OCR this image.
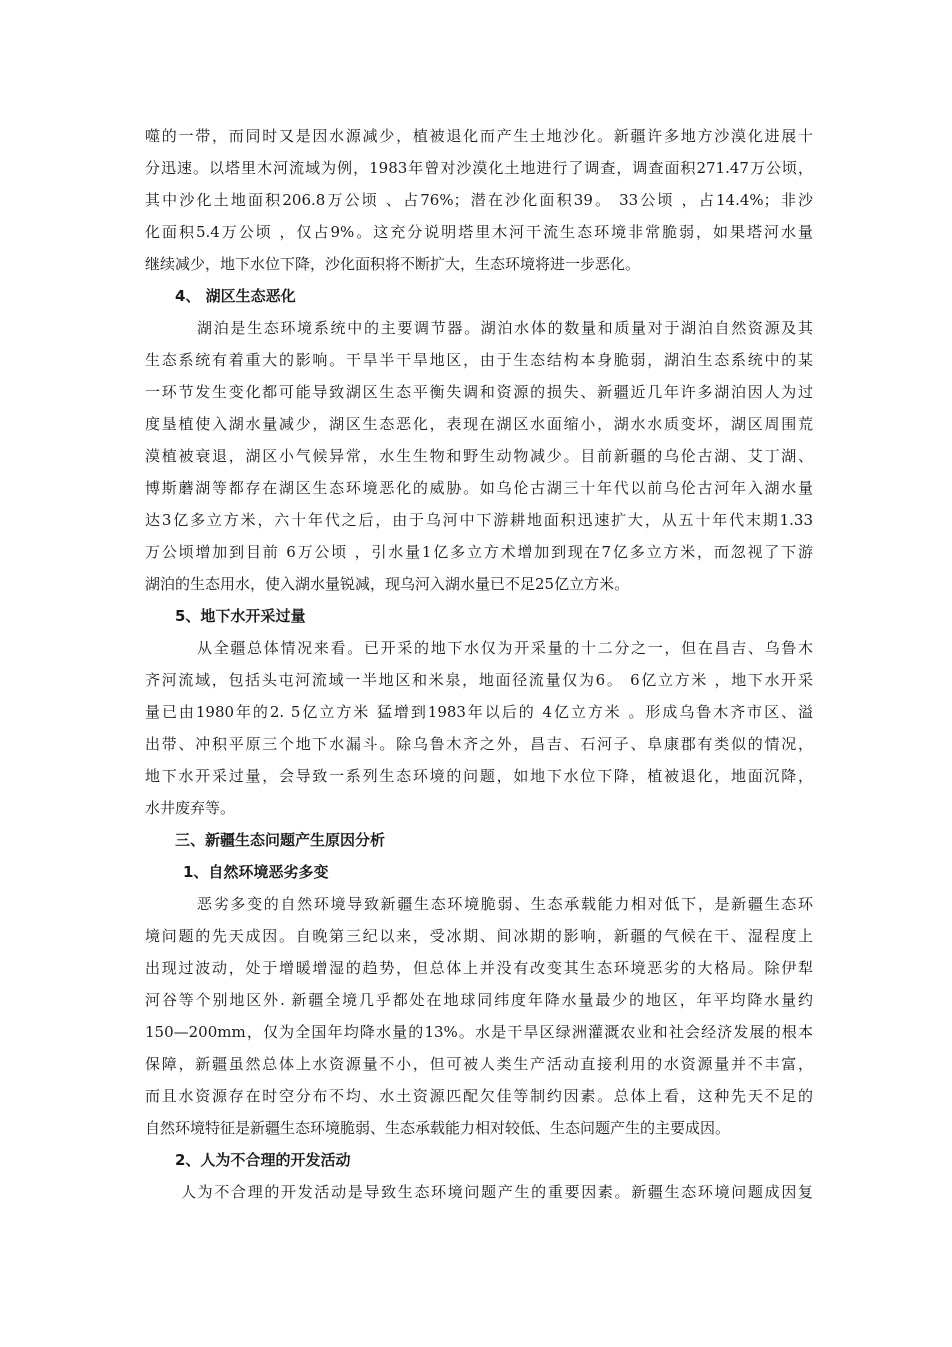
噬的一带，而同时又是因水源减少，植被退化而产生土地沙化。新疆许多地方沙漠化进展十
分迅速。以塔里木河流域为例，1983年曾对沙漠化土地进行了调查，调查面积271.47万公顷，
其中沙化土地面积206.8万公顷 、占76%；潜在沙化面积39。 33公顷 ，占14.4%；非沙
化面积5.4万公顷 ，仅占9%。这充分说明塔里木河干流生态环境非常脆弱，如果塔河水量
继续减少，地下水位下降，沙化面积将不断扩大，生态环境将进一步恶化。
4、 湖区生态恶化
湖泊是生态环境系统中的主要调节器。湖泊水体的数量和质量对于湖泊自然资源及其
生态系统有着重大的影响。干旱半干旱地区，由于生态结构本身脆弱，湖泊生态系统中的某
一环节发生变化都可能导致湖区生态平衡失调和资源的损失、新疆近几年许多湖泊因人为过
度垦植使入湖水量减少，湖区生态恶化，表现在湖区水面缩小，湖水水质变坏，湖区周围荒
漠植被衰退，湖区小气候异常，水生生物和野生动物减少。目前新疆的乌伦古湖、艾丁湖、
博斯蘑湖等都存在湖区生态环境恶化的威胁。如乌伦古湖三十年代以前乌伦古河年入湖水量
达3亿多立方米，六十年代之后，由于乌河中下游耕地面积迅速扩大，从五十年代末期1.33
万公顷增加到目前 6万公顷 ，引水量1亿多立方术增加到现在7亿多立方米，而忽视了下游
湖泊的生态用水，使入湖水量锐减，现乌河入湖水量已不足25亿立方米。
5、地下水开采过量
从全疆总体情况来看。已开采的地下水仅为开采量的十二分之一，但在昌吉、乌鲁木
齐河流域，包括头屯河流域一半地区和米泉，地面径流量仅为6。 6亿立方米 ，地下水开采
量已由1980年的2. 5亿立方米 猛增到1983年以后的 4亿立方米 。形成乌鲁木齐市区、溢
出带、冲积平原三个地下水漏斗。除乌鲁木齐之外，昌吉、石河子、阜康郡有类似的情况，
地下水开采过量，会导致一系列生态环境的问题，如地下水位下降，植被退化，地面沉降，
水井废弃等。
三、新疆生态问题产生原因分析
1、自然环境恶劣多变
恶劣多变的自然环境导致新疆生态环境脆弱、生态承载能力相对低下，是新疆生态环
境问题的先天成因。自晚第三纪以来，受冰期、间冰期的影响，新疆的气候在干、湿程度上
出现过波动，处于增暖增湿的趋势，但总体上并没有改变其生态环境恶劣的大格局。除伊犁
河谷等个别地区外. 新疆全境几乎都处在地球同纬度年降水量最少的地区，年平均降水量约
150—200mm，仅为全国年均降水量的13%。水是干旱区绿洲灌溉农业和社会经济发展的根本
保障，新疆虽然总体上水资源量不小，但可被人类生产活动直接利用的水资源量并不丰富，
而且水资源存在时空分布不均、水土资源匹配欠佳等制约因素。总体上看，这种先天不足的
自然环境特征是新疆生态环境脆弱、生态承载能力相对较低、生态问题产生的主要成因。
2、人为不合理的开发活动
人为不合理的开发活动是导致生态环境问题产生的重要因素。新疆生态环境问题成因复
